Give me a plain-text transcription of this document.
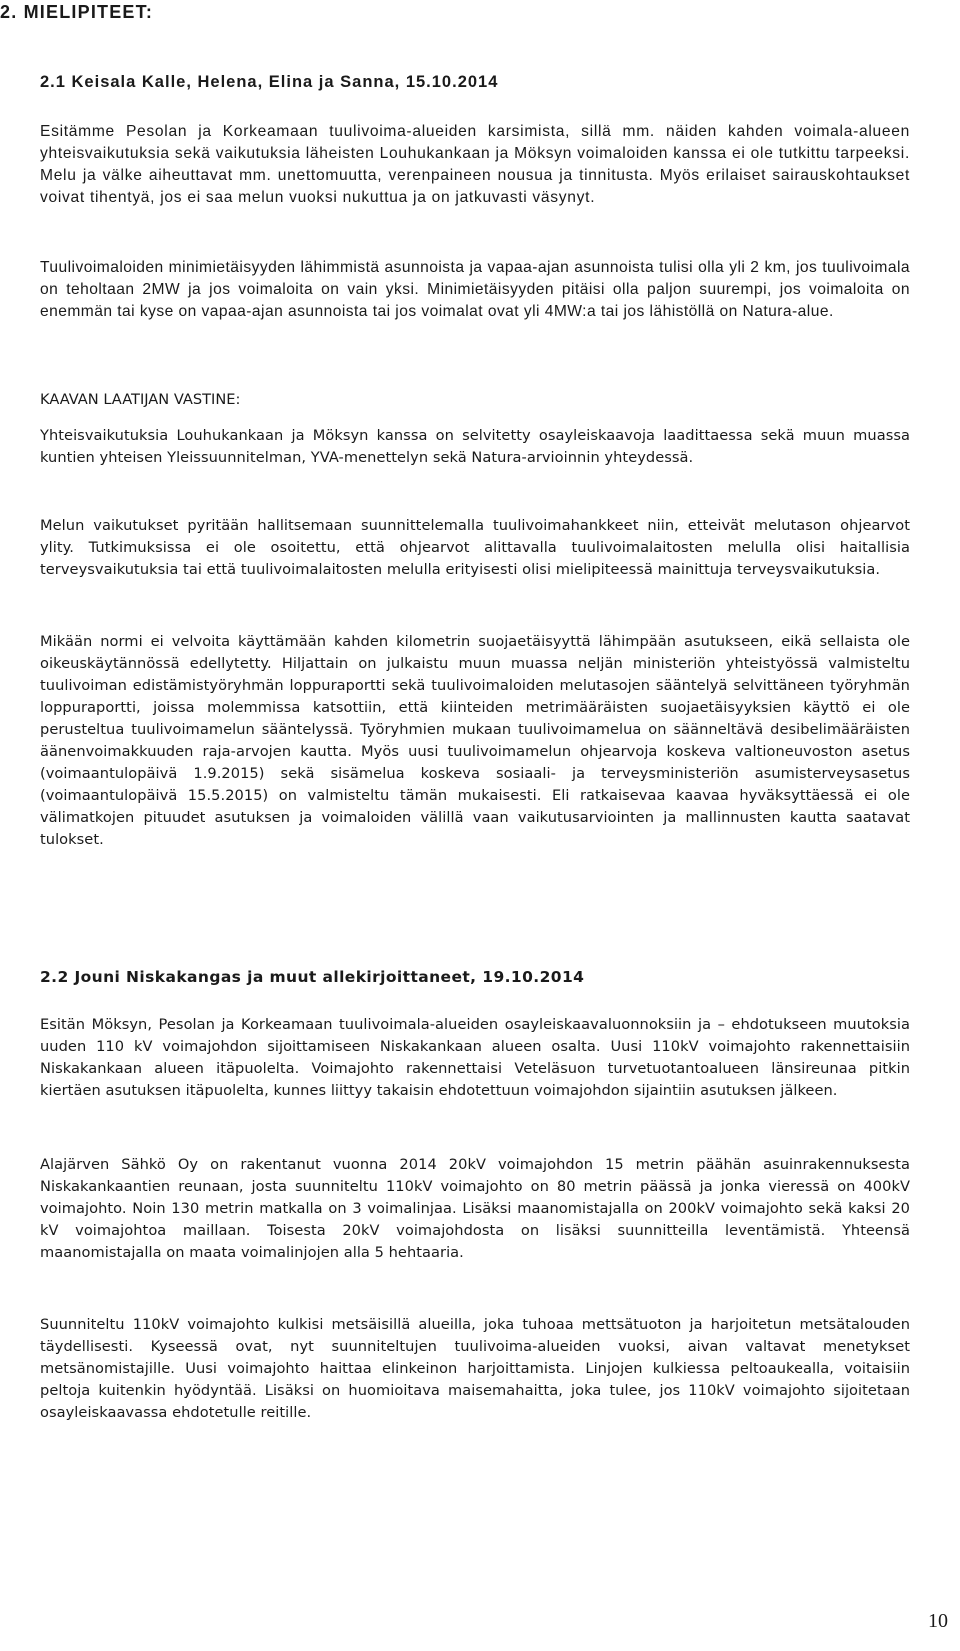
2. MIELIPITEET:
2.1 Keisala Kalle, Helena, Elina ja Sanna, 15.10.2014

Esitämme Pesolan ja Korkeamaan tuulivoima-alueiden karsimista, sillä mm. näiden kahden voimala-alueen yhteisvaikutuksia sekä vaikutuksia läheisten Louhukankaan ja Möksyn voimaloiden kanssa ei ole tutkittu tarpeeksi. Melu ja välke aiheuttavat mm. unettomuutta, verenpaineen nousua ja tinnitusta. Myös erilaiset sairauskohtaukset voivat tihentyä, jos ei saa melun vuoksi nukuttua ja on jatkuvasti väsynyt.

Tuulivoimaloiden minimietäisyyden lähimmistä asunnoista ja vapaa-ajan asunnoista tulisi olla yli 2 km, jos tuulivoimala on teholtaan 2MW ja jos voimaloita on vain yksi. Minimietäisyyden pitäisi olla paljon suurempi, jos voimaloita on enemmän tai kyse on vapaa-ajan asunnoista tai jos voimalat ovat yli 4MW:a tai jos lähistöllä on Natura-alue.

KAAVAN LAATIJAN VASTINE:

Yhteisvaikutuksia Louhukankaan ja Möksyn kanssa on selvitetty osayleiskaavoja laadittaessa sekä muun muassa kuntien yhteisen Yleissuunnitelman, YVA-menettelyn sekä Natura-arvioinnin yhteydessä.

Melun vaikutukset pyritään hallitsemaan suunnittelemalla tuulivoimahankkeet niin, etteivät melutason ohjearvot ylity. Tutkimuksissa ei ole osoitettu, että ohjearvot alittavalla tuulivoimalaitosten melulla olisi haitallisia terveysvaikutuksia tai että tuulivoimalaitosten melulla erityisesti olisi mielipiteessä mainittuja terveysvaikutuksia.

Mikään normi ei velvoita käyttämään kahden kilometrin suojaetäisyyttä lähimpään asutukseen, eikä sellaista ole oikeuskäytännössä edellytetty. Hiljattain on julkaistu muun muassa neljän ministeriön yhteistyössä valmisteltu tuulivoiman edistämistyöryhmän loppuraportti sekä tuulivoimaloiden melutasojen sääntelyä selvittäneen työryhmän loppuraportti, joissa molemmissa katsottiin, että kiinteiden metrimääräisten suojaetäisyyksien käyttö ei ole perusteltua tuulivoimamelun sääntelyssä. Työryhmien mukaan tuulivoimamelua on säänneltävä desibelimääräisten äänenvoimakkuuden raja-arvojen kautta. Myös uusi tuulivoimamelun ohjearvoja koskeva valtioneuvoston asetus (voimaantulopäivä 1.9.2015) sekä sisämelua koskeva sosiaali- ja terveysministeriön asumisterveysasetus (voimaantulopäivä 15.5.2015) on valmisteltu tämän mukaisesti. Eli ratkaisevaa kaavaa hyväksyttäessä ei ole välimatkojen pituudet asutuksen ja voimaloiden välillä vaan vaikutusarviointen ja mallinnusten kautta saatavat tulokset.

2.2 Jouni Niskakangas ja muut allekirjoittaneet, 19.10.2014

Esitän Möksyn, Pesolan ja Korkeamaan tuulivoimala-alueiden osayleiskaavaluonnoksiin ja – ehdotukseen muutoksia uuden 110 kV voimajohdon sijoittamiseen Niskakankaan alueen osalta. Uusi 110kV voimajohto rakennettaisiin Niskakankaan alueen itäpuolelta. Voimajohto rakennettaisi Veteläsuon turvetuotantoalueen länsireunaa pitkin kiertäen asutuksen itäpuolelta, kunnes liittyy takaisin ehdotettuun voimajohdon sijaintiin asutuksen jälkeen.

Alajärven Sähkö Oy on rakentanut vuonna 2014 20kV voimajohdon 15 metrin päähän asuinrakennuksesta Niskakankaantien reunaan, josta suunniteltu 110kV voimajohto on 80 metrin päässä ja jonka vieressä on 400kV voimajohto. Noin 130 metrin matkalla on 3 voimalinjaa. Lisäksi maanomistajalla on 200kV voimajohto sekä kaksi 20 kV voimajohtoa maillaan. Toisesta 20kV voimajohdosta on lisäksi suunnitteilla leventämistä. Yhteensä maanomistajalla on maata voimalinjojen alla 5 hehtaaria.

Suunniteltu 110kV voimajohto kulkisi metsäisillä alueilla, joka tuhoaa mettsätuoton ja harjoitetun metsätalouden täydellisesti. Kyseessä ovat, nyt suunniteltujen tuulivoima-alueiden vuoksi, aivan valtavat menetykset metsänomistajille. Uusi voimajohto haittaa elinkeinon harjoittamista. Linjojen kulkiessa peltoaukealla, voitaisiin peltoja kuitenkin hyödyntää. Lisäksi on huomioitava maisemahaitta, joka tulee, jos 110kV voimajohto sijoitetaan osayleiskaavassa ehdotetulle reitille.

10
